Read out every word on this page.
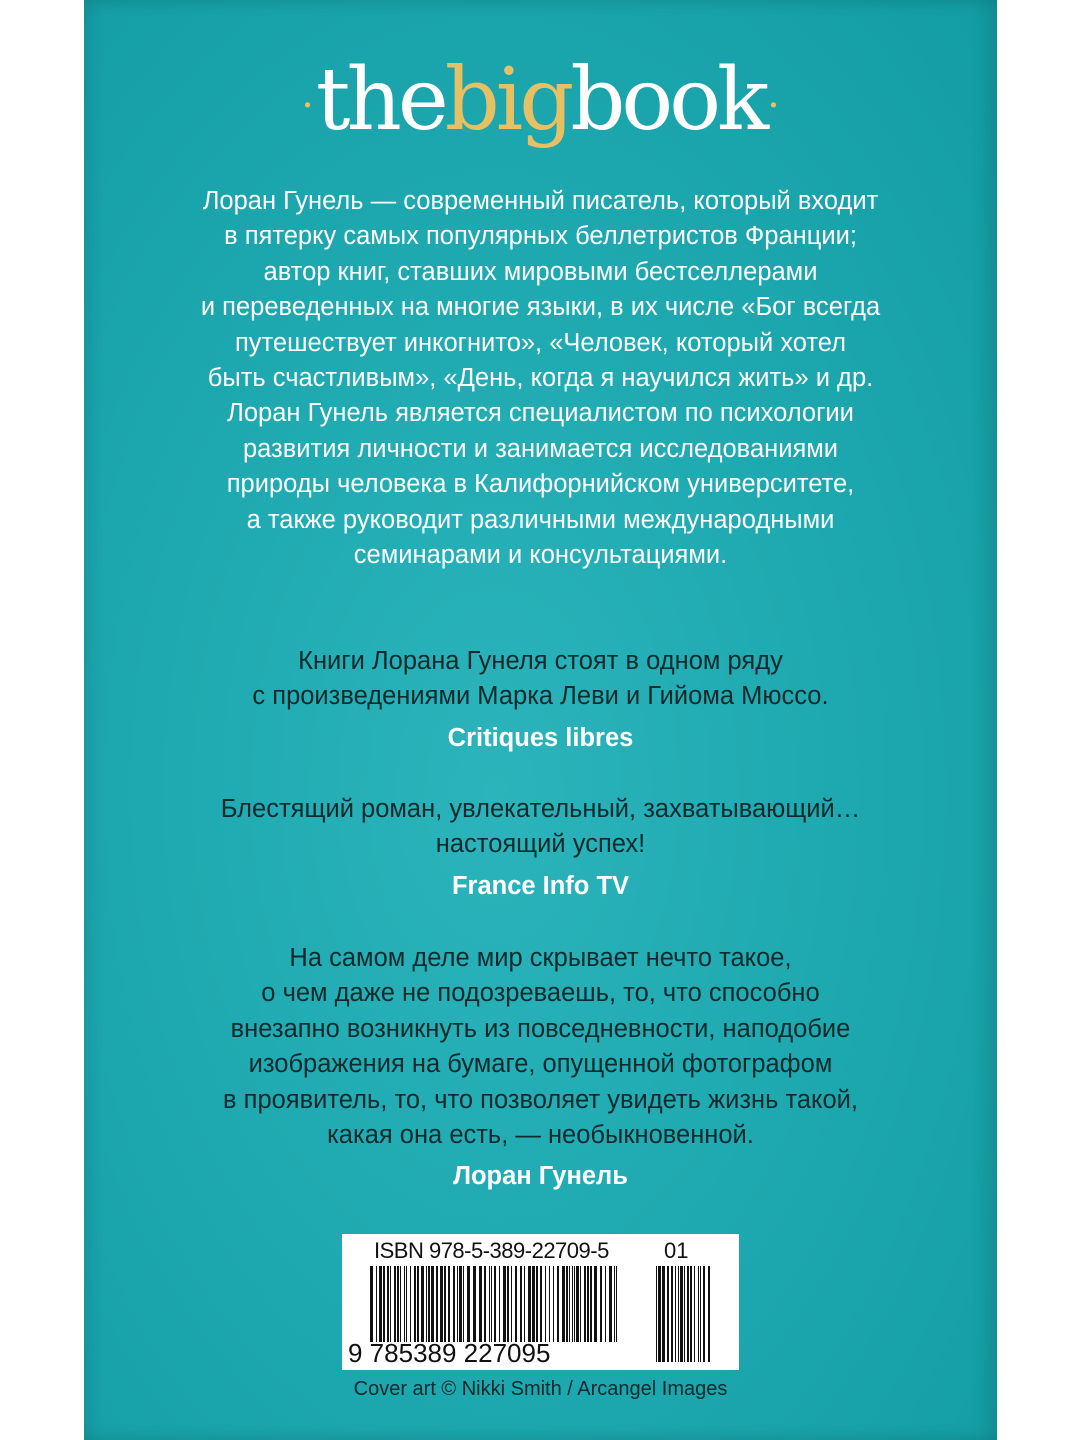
·thebigbook·
Лоран Гунель — современный писатель, который входит
в пятерку самых популярных беллетристов Франции;
автор книг, ставших мировыми бестселлерами
и переведенных на многие языки, в их числе «Бог всегда
путешествует инкогнито», «Человек, который хотел
быть счастливым», «День, когда я научился жить» и др.
Лоран Гунель является специалистом по психологии
развития личности и занимается исследованиями
природы человека в Калифорнийском университете,
а также руководит различными международными
семинарами и консультациями.
Книги Лорана Гунеля стоят в одном ряду
с произведениями Марка Леви и Гийома Мюссо.
Critiques libres
Блестящий роман, увлекательный, захватывающий…
настоящий успех!
France Info TV
На самом деле мир скрывает нечто такое,
о чем даже не подозреваешь, то, что способно
внезапно возникнуть из повседневности, наподобие
изображения на бумаге, опущенной фотографом
в проявитель, то, что позволяет увидеть жизнь такой,
какая она есть, — необыкновенной.
Лоран Гунель
ISBN 978-5-389-22709-5	01
9 785389 227095
Cover art © Nikki Smith / Arcangel Images
